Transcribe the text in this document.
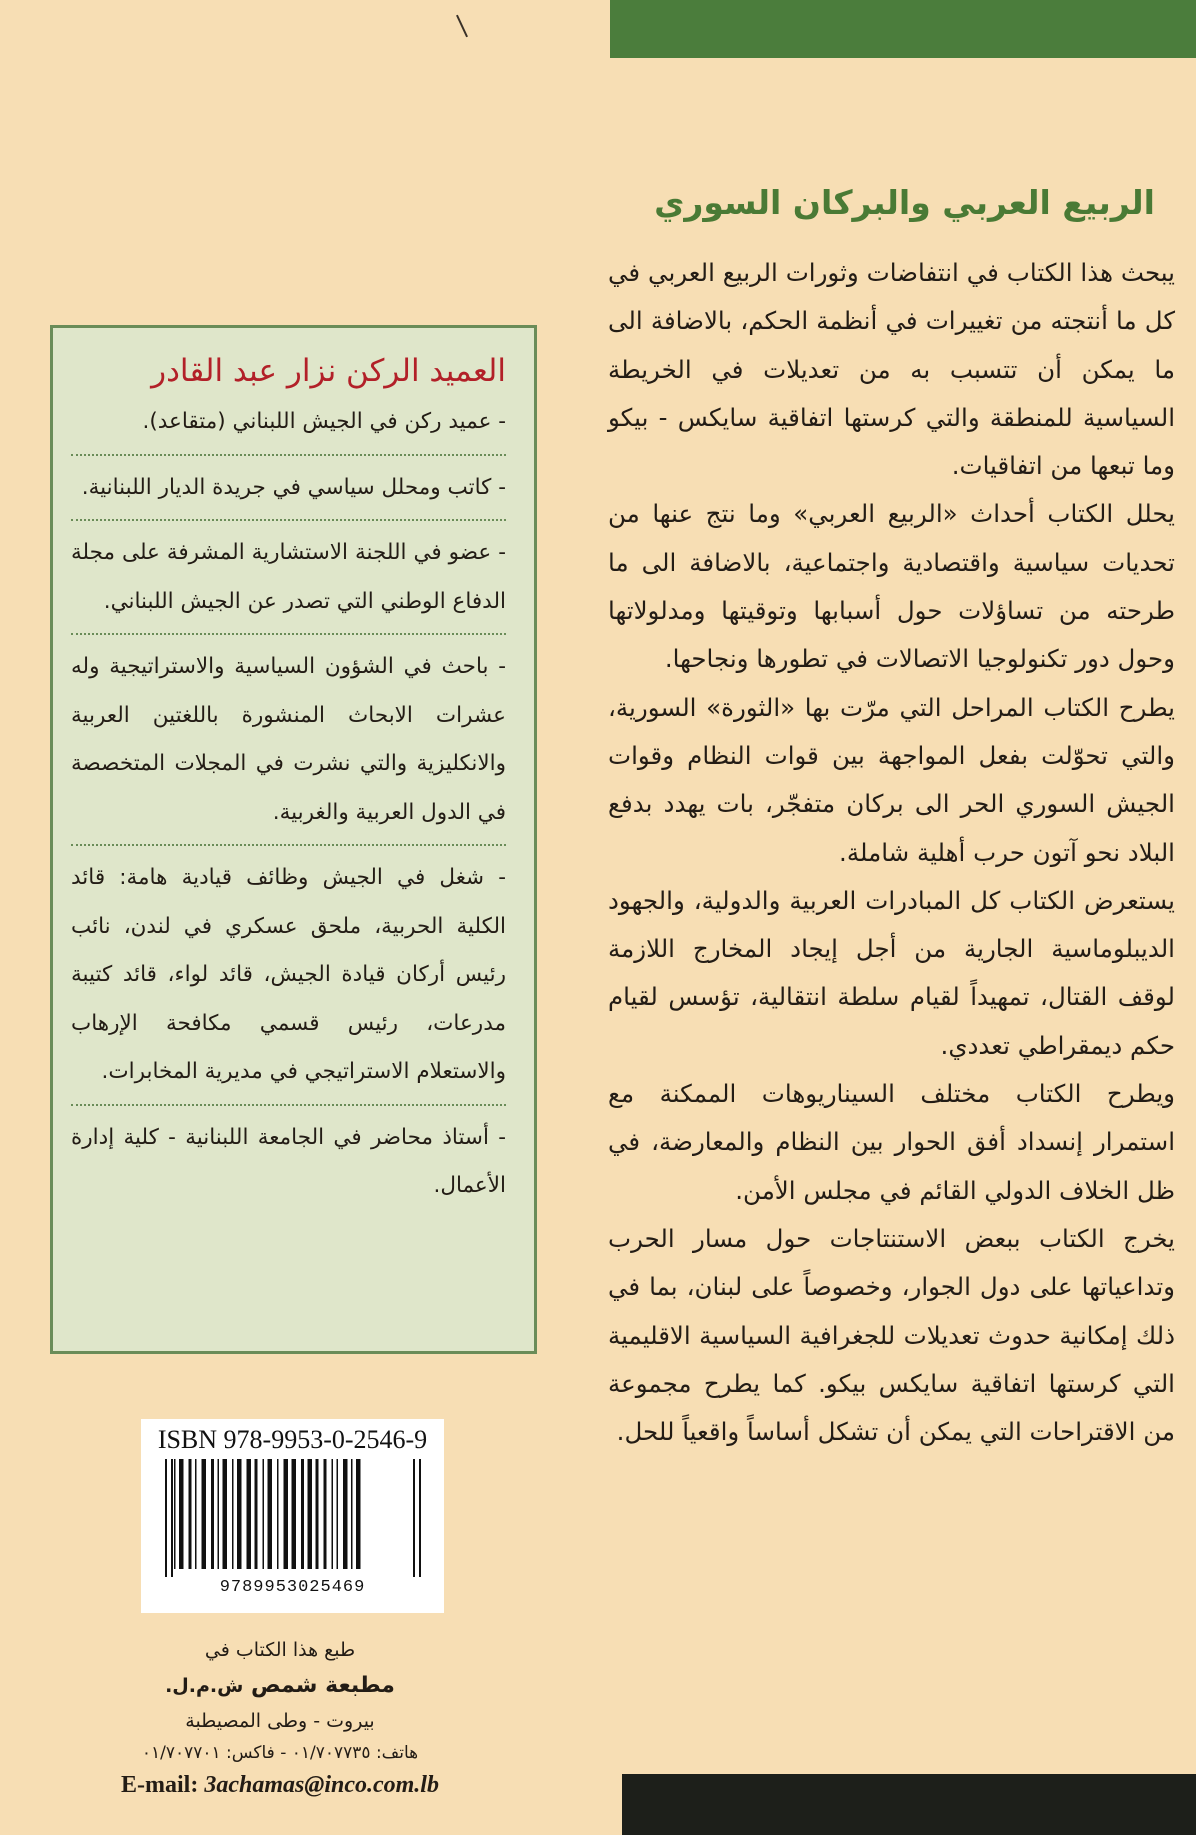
الربيع العربي والبركان السوري

يبحث هذا الكتاب في انتفاضات وثورات الربيع العربي في كل ما أنتجته من تغييرات في أنظمة الحكم، بالاضافة الى ما يمكن أن تتسبب به من تعديلات في الخريطة السياسية للمنطقة والتي كرستها اتفاقية سايكس - بيكو وما تبعها من اتفاقيات.

يحلل الكتاب أحداث «الربيع العربي» وما نتج عنها من تحديات سياسية واقتصادية واجتماعية، بالاضافة الى ما طرحته من تساؤلات حول أسبابها وتوقيتها ومدلولاتها وحول دور تكنولوجيا الاتصالات في تطورها ونجاحها.

يطرح الكتاب المراحل التي مرّت بها «الثورة» السورية، والتي تحوّلت بفعل المواجهة بين قوات النظام وقوات الجيش السوري الحر الى بركان متفجّر، بات يهدد بدفع البلاد نحو آتون حرب أهلية شاملة.

يستعرض الكتاب كل المبادرات العربية والدولية، والجهود الديبلوماسية الجارية من أجل إيجاد المخارج اللازمة لوقف القتال، تمهيداً لقيام سلطة انتقالية، تؤسس لقيام حكم ديمقراطي تعددي.

ويطرح الكتاب مختلف السيناريوهات الممكنة مع استمرار إنسداد أفق الحوار بين النظام والمعارضة، في ظل الخلاف الدولي القائم في مجلس الأمن.

يخرج الكتاب ببعض الاستنتاجات حول مسار الحرب وتداعياتها على دول الجوار، وخصوصاً على لبنان، بما في ذلك إمكانية حدوث تعديلات للجغرافية السياسية الاقليمية التي كرستها اتفاقية سايكس بيكو. كما يطرح مجموعة من الاقتراحات التي يمكن أن تشكل أساساً واقعياً للحل.

العميد الركن نزار عبد القادر
- عميد ركن في الجيش اللبناني (متقاعد).
- كاتب ومحلل سياسي في جريدة الديار اللبنانية.
- عضو في اللجنة الاستشارية المشرفة على مجلة الدفاع الوطني التي تصدر عن الجيش اللبناني.
- باحث في الشؤون السياسية والاستراتيجية وله عشرات الابحاث المنشورة باللغتين العربية والانكليزية والتي نشرت في المجلات المتخصصة في الدول العربية والغربية.
- شغل في الجيش وظائف قيادية هامة: قائد الكلية الحربية، ملحق عسكري في لندن، نائب رئيس أركان قيادة الجيش، قائد لواء، قائد كتيبة مدرعات، رئيس قسمي مكافحة الإرهاب والاستعلام الاستراتيجي في مديرية المخابرات.
- أستاذ محاضر في الجامعة اللبنانية - كلية إدارة الأعمال.
ISBN 978-9953-0-2546-9
9789953025469
طبع هذا الكتاب في
مطبعة شمص ش.م.ل.
بيروت - وطى المصيطبة
هاتف: ٠١/٧٠٧٧٣٥ - فاكس: ٠١/٧٠٧٧٠١
E-mail: 3achamas@inco.com.lb
